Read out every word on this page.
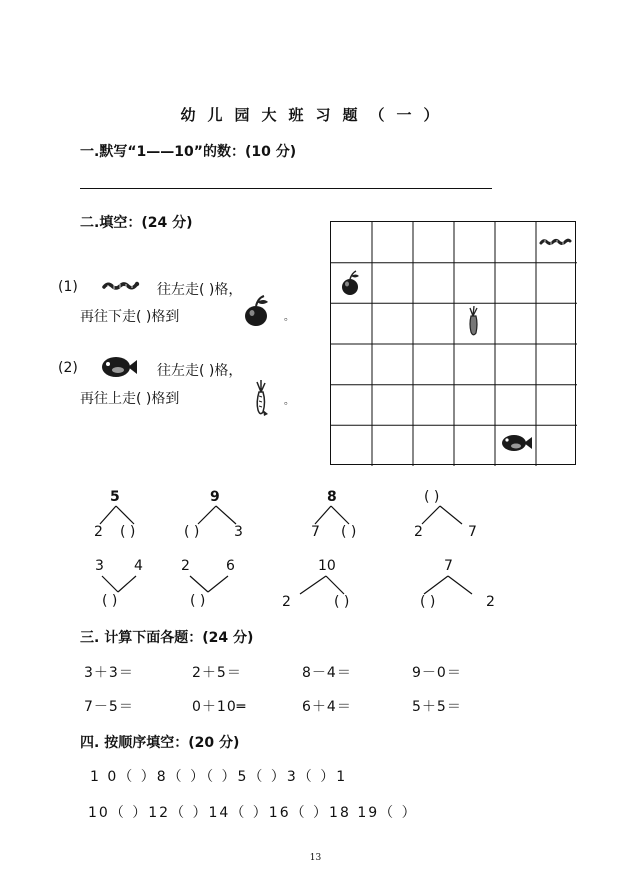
幼儿园大班习题（一）
一.默写“1——10”的数：(10 分)
二.填空：(24 分)
(1)	往左走( )格，
再往下走( )格到	。
(2)	往左走( )格，
再往上走( )格到	。
5
2 ( )
9
( ) 3
8
7 ( )
( )
2	7
3 4
( )
2	6
( )
10
2	( )
7
( )	2
三. 计算下面各题：(24 分)
3＋3＝	2＋5＝	8－4＝	9－0＝
7－5＝	0＋10═	6＋4＝	5＋5＝
四. 按顺序填空：(20 分)
1 0（ ）8（ ）（ ）5（ ）3（ ）1
10（ ）12（ ）14（ ）16（ ）18 19（ ）
13
